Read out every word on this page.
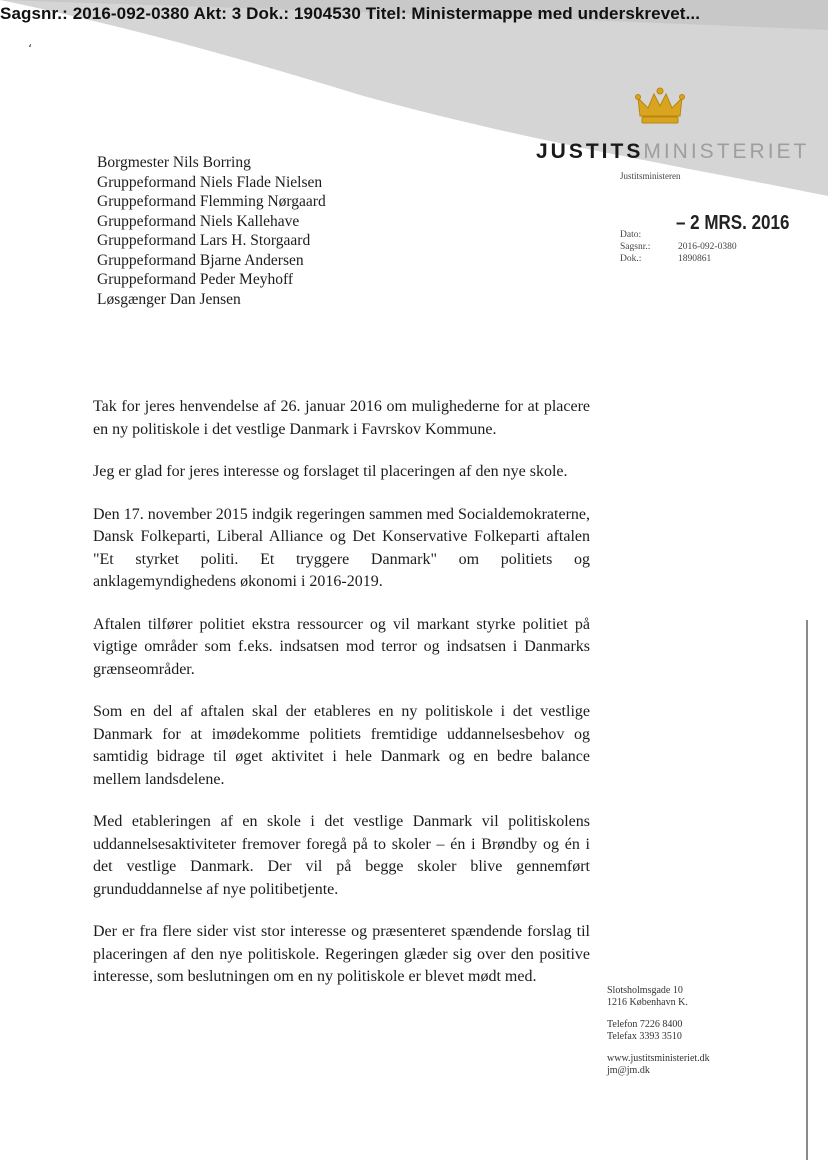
Sagsnr.: 2016-092-0380 Akt: 3 Dok.: 1904530 Titel: Ministermappe med underskrevet...
،
JUSTITSMINISTERIET
Justitsministeren
Borgmester Nils Borring
Gruppeformand Niels Flade Nielsen
Gruppeformand Flemming Nørgaard
Gruppeformand Niels Kallehave
Gruppeformand Lars H. Storgaard
Gruppeformand Bjarne Andersen
Gruppeformand Peder Meyhoff
Løsgænger Dan Jensen
– 2 MRS. 2016
Dato:
Sagsnr.:	2016-092-0380
Dok.:	1890861

Tak for jeres henvendelse af 26. januar 2016 om mulighederne for at placere en ny politiskole i det vestlige Danmark i Favrskov Kommune.

Jeg er glad for jeres interesse og forslaget til placeringen af den nye skole.

Den 17. november 2015 indgik regeringen sammen med Socialdemokraterne, Dansk Folkeparti, Liberal Alliance og Det Konservative Folkeparti aftalen "Et styrket politi. Et tryggere Danmark" om politiets og anklagemyndighedens økonomi i 2016-2019.

Aftalen tilfører politiet ekstra ressourcer og vil markant styrke politiet på vigtige områder som f.eks. indsatsen mod terror og indsatsen i Danmarks grænseområder.

Som en del af aftalen skal der etableres en ny politiskole i det vestlige Danmark for at imødekomme politiets fremtidige uddannelsesbehov og samtidig bidrage til øget aktivitet i hele Danmark og en bedre balance mellem landsdelene.

Med etableringen af en skole i det vestlige Danmark vil politiskolens uddannelsesaktiviteter fremover foregå på to skoler – én i Brøndby og én i det vestlige Danmark. Der vil på begge skoler blive gennemført grunduddannelse af nye politibetjente.

Der er fra flere sider vist stor interesse og præsenteret spændende forslag til placeringen af den nye politiskole. Regeringen glæder sig over den positive interesse, som beslutningen om en ny politiskole er blevet mødt med.

Slotsholmsgade 10
1216 København K.
Telefon 7226 8400
Telefax 3393 3510
www.justitsministeriet.dk
jm@jm.dk
